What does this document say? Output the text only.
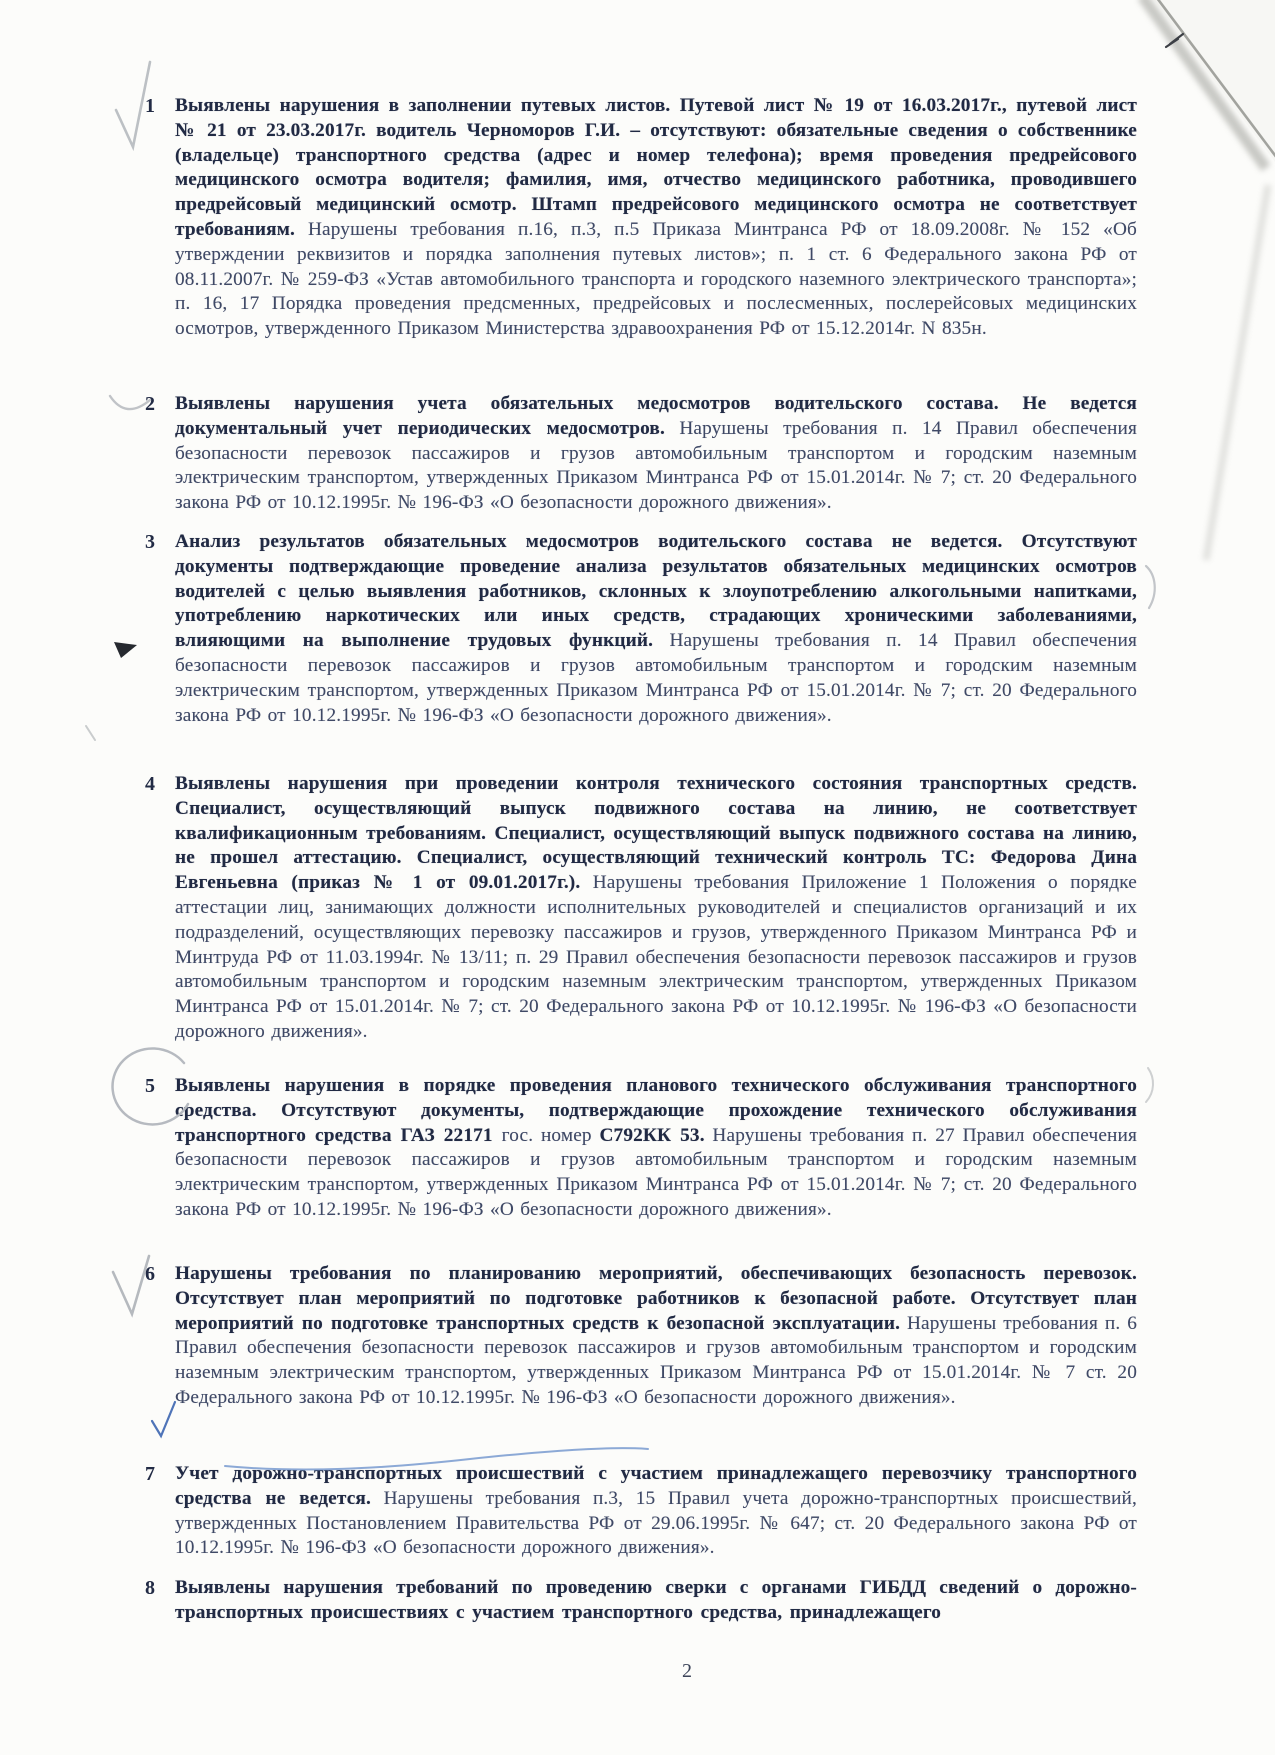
1	Выявлены нарушения в заполнении путевых листов. Путевой лист № 19 от 16.03.2017г., путевой лист № 21 от 23.03.2017г. водитель Черноморов Г.И. – отсутствуют: обязательные сведения о собственнике (владельце) транспортного средства (адрес и номер телефона); время проведения предрейсового медицинского осмотра водителя; фамилия, имя, отчество медицинского работника, проводившего предрейсовый медицинский осмотр. Штамп предрейсового медицинского осмотра не соответствует требованиям. Нарушены требования п.16, п.3, п.5 Приказа Минтранса РФ от 18.09.2008г. № 152 «Об утверждении реквизитов и порядка заполнения путевых листов»; п. 1 ст. 6 Федерального закона РФ от 08.11.2007г. № 259-ФЗ «Устав автомобильного транспорта и городского наземного электрического транспорта»; п. 16, 17 Порядка проведения предсменных, предрейсовых и послесменных, послерейсовых медицинских осмотров, утвержденного Приказом Министерства здравоохранения РФ от 15.12.2014г. N 835н.
2	Выявлены нарушения учета обязательных медосмотров водительского состава. Не ведется документальный учет периодических медосмотров. Нарушены требования п. 14 Правил обеспечения безопасности перевозок пассажиров и грузов автомобильным транспортом и городским наземным электрическим транспортом, утвержденных Приказом Минтранса РФ от 15.01.2014г. № 7; ст. 20 Федерального закона РФ от 10.12.1995г. № 196-ФЗ «О безопасности дорожного движения».
3	Анализ результатов обязательных медосмотров водительского состава не ведется. Отсутствуют документы подтверждающие проведение анализа результатов обязательных медицинских осмотров водителей с целью выявления работников, склонных к злоупотреблению алкогольными напитками, употреблению наркотических или иных средств, страдающих хроническими заболеваниями, влияющими на выполнение трудовых функций. Нарушены требования п. 14 Правил обеспечения безопасности перевозок пассажиров и грузов автомобильным транспортом и городским наземным электрическим транспортом, утвержденных Приказом Минтранса РФ от 15.01.2014г. № 7; ст. 20 Федерального закона РФ от 10.12.1995г. № 196-ФЗ «О безопасности дорожного движения».
4	Выявлены нарушения при проведении контроля технического состояния транспортных средств. Специалист, осуществляющий выпуск подвижного состава на линию, не соответствует квалификационным требованиям. Специалист, осуществляющий выпуск подвижного состава на линию, не прошел аттестацию. Специалист, осуществляющий технический контроль ТС: Федорова Дина Евгеньевна (приказ № 1 от 09.01.2017г.). Нарушены требования Приложение 1 Положения о порядке аттестации лиц, занимающих должности исполнительных руководителей и специалистов организаций и их подразделений, осуществляющих перевозку пассажиров и грузов, утвержденного Приказом Минтранса РФ и Минтруда РФ от 11.03.1994г. № 13/11; п. 29 Правил обеспечения безопасности перевозок пассажиров и грузов автомобильным транспортом и городским наземным электрическим транспортом, утвержденных Приказом Минтранса РФ от 15.01.2014г. № 7; ст. 20 Федерального закона РФ от 10.12.1995г. № 196-ФЗ «О безопасности дорожного движения».
5	Выявлены нарушения в порядке проведения планового технического обслуживания транспортного средства. Отсутствуют документы, подтверждающие прохождение технического обслуживания транспортного средства ГАЗ 22171 гос. номер С792КК 53. Нарушены требования п. 27 Правил обеспечения безопасности перевозок пассажиров и грузов автомобильным транспортом и городским наземным электрическим транспортом, утвержденных Приказом Минтранса РФ от 15.01.2014г. № 7; ст. 20 Федерального закона РФ от 10.12.1995г. № 196-ФЗ «О безопасности дорожного движения».
6	Нарушены требования по планированию мероприятий, обеспечивающих безопасность перевозок. Отсутствует план мероприятий по подготовке работников к безопасной работе. Отсутствует план мероприятий по подготовке транспортных средств к безопасной эксплуатации. Нарушены требования п. 6 Правил обеспечения безопасности перевозок пассажиров и грузов автомобильным транспортом и городским наземным электрическим транспортом, утвержденных Приказом Минтранса РФ от 15.01.2014г. № 7 ст. 20 Федерального закона РФ от 10.12.1995г. № 196-ФЗ «О безопасности дорожного движения».
7	Учет дорожно-транспортных происшествий с участием принадлежащего перевозчику транспортного средства не ведется. Нарушены требования п.3, 15 Правил учета дорожно-транспортных происшествий, утвержденных Постановлением Правительства РФ от 29.06.1995г. № 647; ст. 20 Федерального закона РФ от 10.12.1995г. № 196-ФЗ «О безопасности дорожного движения».
8	Выявлены нарушения требований по проведению сверки с органами ГИБДД сведений о дорожно-транспортных происшествиях с участием транспортного средства, принадлежащего
2
